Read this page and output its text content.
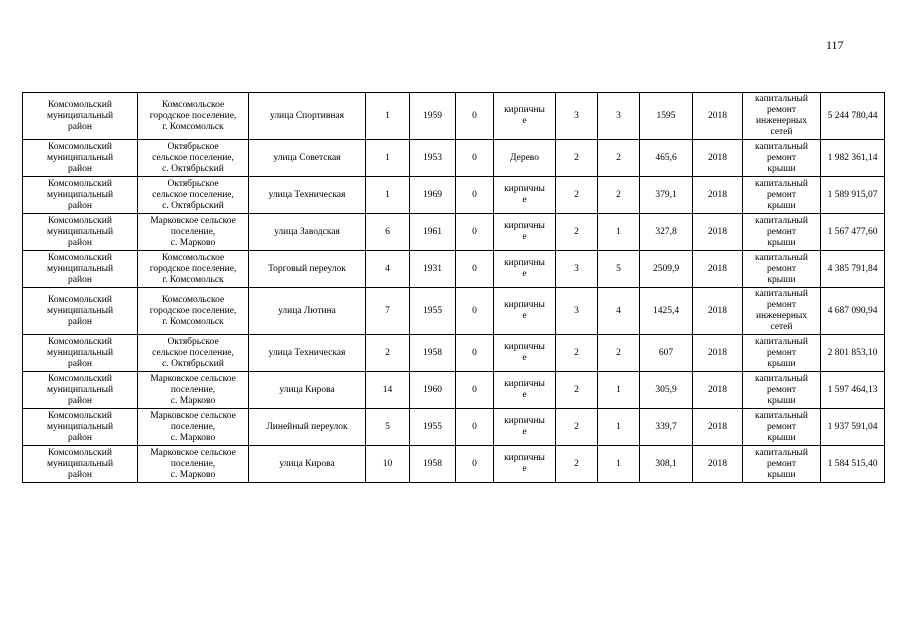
117
Комсомольский
муниципальный
район	Комсомольское
городское поселение,
г. Комсомольск	улица Спортивная	1	1959	0	кирпичны
е	3	3	1595	2018	капитальный
ремонт
инженерных
сетей	5 244 780,44
Комсомольский
муниципальный
район	Октябрьское
сельское поселение,
с. Октябрьский	улица Советская	1	1953	0	Дерево	2	2	465,6	2018	капитальный
ремонт
крыши	1 982 361,14
Комсомольский
муниципальный
район	Октябрьское
сельское поселение,
с. Октябрьский	улица Техническая	1	1969	0	кирпичны
е	2	2	379,1	2018	капитальный
ремонт
крыши	1 589 915,07
Комсомольский
муниципальный
район	Марковское сельское
поселение,
с. Марково	улица Заводская	6	1961	0	кирпичны
е	2	1	327,8	2018	капитальный
ремонт
крыши	1 567 477,60
Комсомольский
муниципальный
район	Комсомольское
городское поселение,
г. Комсомольск	Торговый переулок	4	1931	0	кирпичны
е	3	5	2509,9	2018	капитальный
ремонт
крыши	4 385 791,84
Комсомольский
муниципальный
район	Комсомольское
городское поселение,
г. Комсомольск	улица Лютина	7	1955	0	кирпичны
е	3	4	1425,4	2018	капитальный
ремонт
инженерных
сетей	4 687 090,94
Комсомольский
муниципальный
район	Октябрьское
сельское поселение,
с. Октябрьский	улица Техническая	2	1958	0	кирпичны
е	2	2	607	2018	капитальный
ремонт
крыши	2 801 853,10
Комсомольский
муниципальный
район	Марковское сельское
поселение,
с. Марково	улица Кирова	14	1960	0	кирпичны
е	2	1	305,9	2018	капитальный
ремонт
крыши	1 597 464,13
Комсомольский
муниципальный
район	Марковское сельское
поселение,
с. Марково	Линейный переулок	5	1955	0	кирпичны
е	2	1	339,7	2018	капитальный
ремонт
крыши	1 937 591,04
Комсомольский
муниципальный
район	Марковское сельское
поселение,
с. Марково	улица Кирова	10	1958	0	кирпичны
е	2	1	308,1	2018	капитальный
ремонт
крыши	1 584 515,40
